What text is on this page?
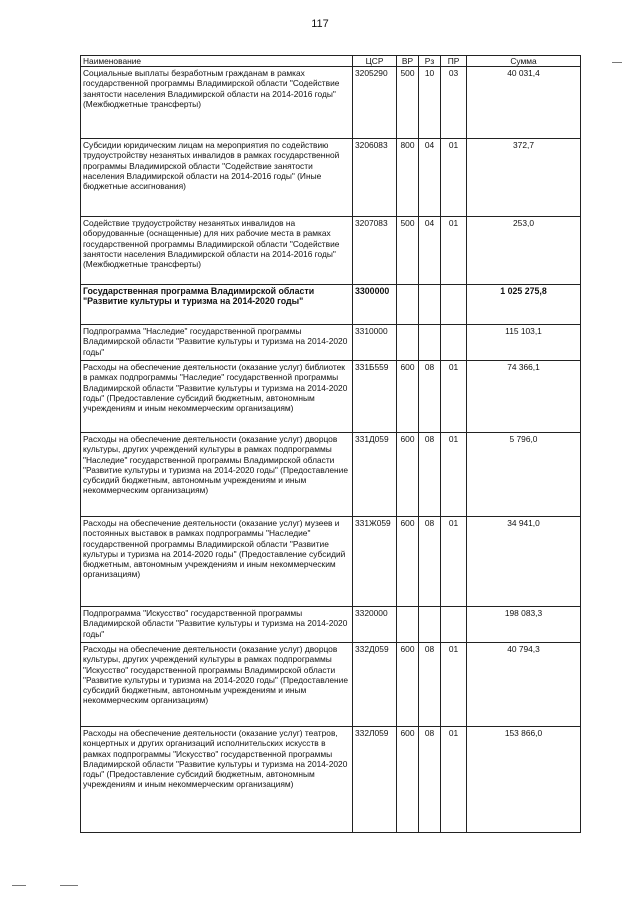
117
Наименование	ЦСР	ВР	Рз	ПР	Сумма
Социальные выплаты безработным гражданам в рамках государственной программы Владимирской области "Содействие занятости населения Владимирской области на 2014-2016 годы" (Межбюджетные трансферты)	3205290	500	10	03	40 031,4
Субсидии юридическим лицам на мероприятия по содействию трудоустройству незанятых инвалидов в рамках государственной программы Владимирской области "Содействие занятости населения Владимирской области на 2014-2016 годы" (Иные бюджетные ассигнования)	3206083	800	04	01	372,7
Содействие трудоустройству незанятых инвалидов на оборудованные (оснащенные) для них рабочие места в рамках государственной программы Владимирской области "Содействие занятости населения Владимирской области на 2014-2016 годы" (Межбюджетные трансферты)	3207083	500	04	01	253,0
Государственная программа Владимирской области "Развитие культуры и туризма на 2014-2020 годы"	3300000				1 025 275,8
Подпрограмма "Наследие" государственной программы Владимирской области "Развитие культуры и туризма на 2014-2020 годы"	3310000				115 103,1
Расходы на обеспечение деятельности (оказание услуг) библиотек в рамках подпрограммы "Наследие" государственной программы Владимирской области "Развитие культуры и туризма на 2014-2020 годы" (Предоставление субсидий бюджетным, автономным учреждениям и иным некоммерческим организациям)	331Б559	600	08	01	74 366,1
Расходы на обеспечение деятельности (оказание услуг) дворцов культуры, других учреждений культуры в рамках подпрограммы "Наследие" государственной программы Владимирской области "Развитие культуры и туризма на 2014-2020 годы" (Предоставление субсидий бюджетным, автономным учреждениям и иным некоммерческим организациям)	331Д059	600	08	01	5 796,0
Расходы на обеспечение деятельности (оказание услуг) музеев и постоянных выставок в рамках подпрограммы "Наследие" государственной программы Владимирской области "Развитие культуры и туризма на 2014-2020 годы" (Предоставление субсидий бюджетным, автономным учреждениям и иным некоммерческим организациям)	331Ж059	600	08	01	34 941,0
Подпрограмма "Искусство" государственной программы Владимирской области "Развитие культуры и туризма на 2014-2020 годы"	3320000				198 083,3
Расходы на обеспечение деятельности (оказание услуг) дворцов культуры, других учреждений культуры в рамках подпрограммы "Искусство" государственной программы Владимирской области "Развитие культуры и туризма на 2014-2020 годы" (Предоставление субсидий бюджетным, автономным учреждениям и иным некоммерческим организациям)	332Д059	600	08	01	40 794,3
Расходы на обеспечение деятельности (оказание услуг) театров, концертных и других организаций исполнительских искусств в рамках подпрограммы "Искусство" государственной программы Владимирской области "Развитие культуры и туризма на 2014-2020 годы" (Предоставление субсидий бюджетным, автономным учреждениям и иным некоммерческим организациям)	332Л059	600	08	01	153 866,0
